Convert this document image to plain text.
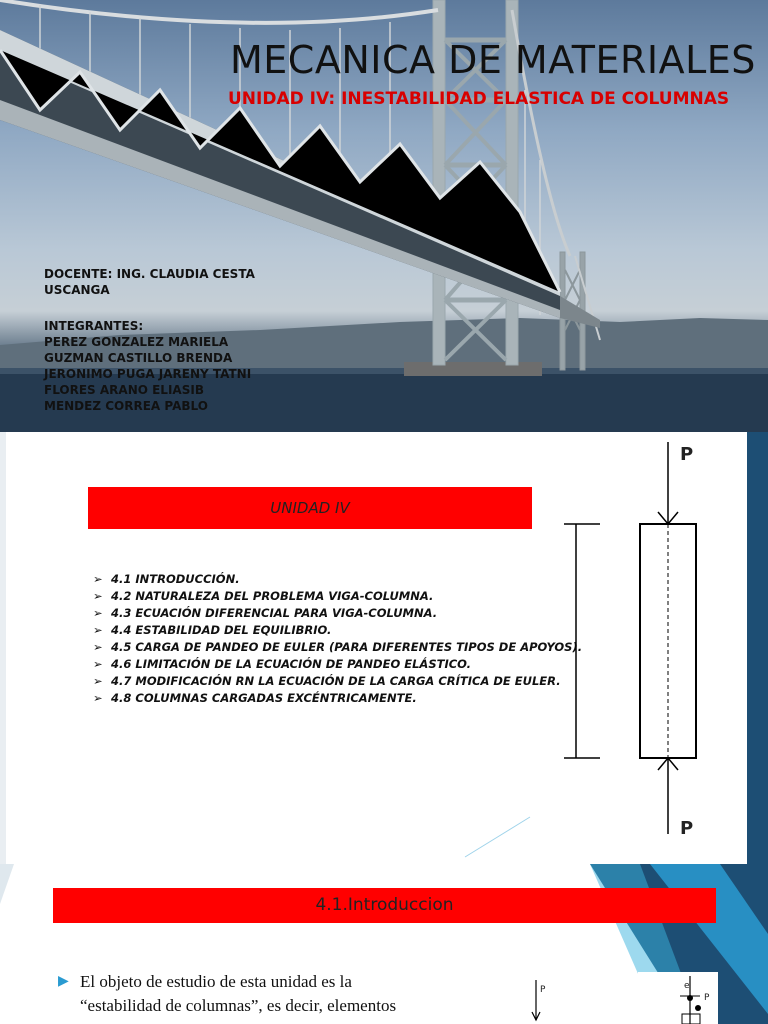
MECANICA DE MATERIALES
UNIDAD IV: INESTABILIDAD ELASTICA DE COLUMNAS
DOCENTE: ING. CLAUDIA CESTA
USCANGA
INTEGRANTES:
PEREZ GONZALEZ MARIELA
GUZMAN CASTILLO BRENDA
JERONIMO PUGA JARENY TATNI
FLORES ARANO ELIASIB
MENDEZ CORREA PABLO
UNIDAD IV
➢ 4.1 INTRODUCCIÓN.
➢ 4.2 NATURALEZA DEL PROBLEMA VIGA-COLUMNA.
➢ 4.3 ECUACIÓN DIFERENCIAL PARA VIGA-COLUMNA.
➢ 4.4 ESTABILIDAD DEL EQUILIBRIO.
➢ 4.5 CARGA DE PANDEO DE EULER (PARA DIFERENTES TIPOS DE APOYOS).
➢ 4.6 LIMITACIÓN DE LA ECUACIÓN DE PANDEO ELÁSTICO.
➢ 4.7 MODIFICACIÓN RN LA ECUACIÓN DE LA CARGA CRÍTICA DE EULER.
➢ 4.8 COLUMNAS CARGADAS EXCÉNTRICAMENTE.
P
P
4.1.Introduccion
▶ El objeto de estudio de esta unidad es la
“estabilidad de columnas”, es decir, elementos
P	e
P
